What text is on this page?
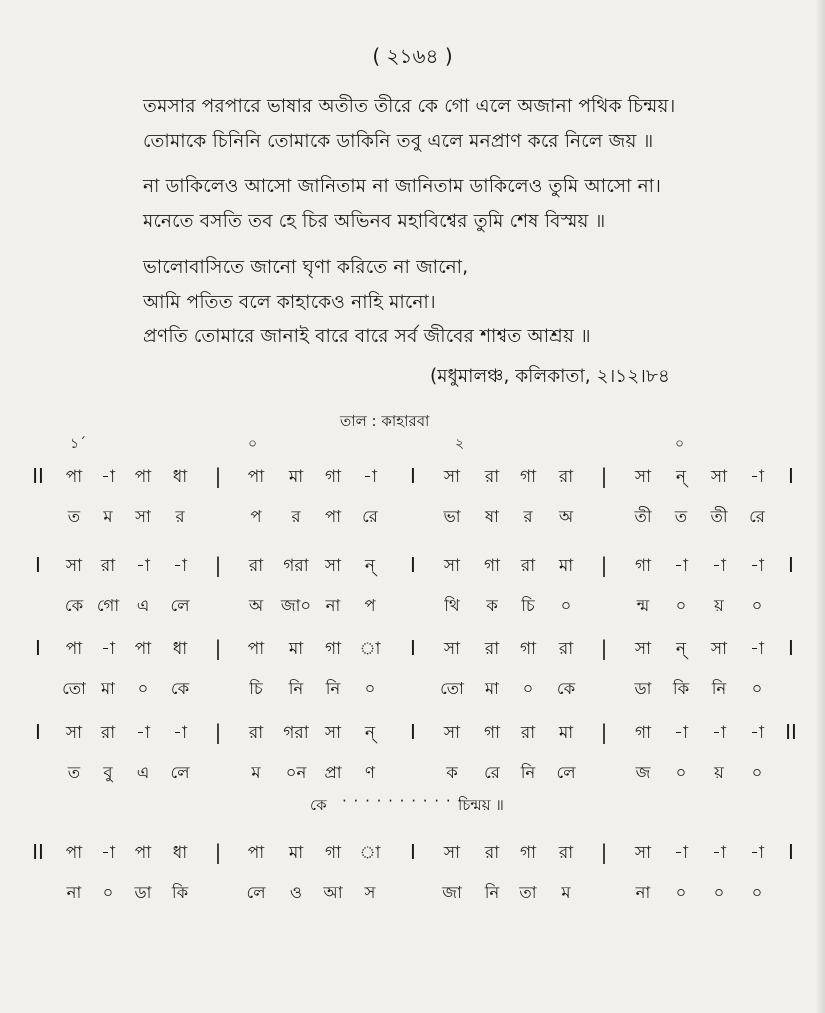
( ২১৬৪ )
তমসার পরপারে ভাষার অতীত তীরে কে গো এলে অজানা পথিক চিন্ময়।
তোমাকে চিনিনি তোমাকে ডাকিনি তবু এলে মনপ্রাণ করে নিলে জয় ॥
না ডাকিলেও আসো জানিতাম না জানিতাম ডাকিলেও তুমি আসো না।
মনেতে বসতি তব হে চির অভিনব মহাবিশ্বের তুমি শেষ বিস্ময় ॥
ভালোবাসিতে জানো ঘৃণা করিতে না জানো,
আমি পতিত বলে কাহাকেও নাহি মানো।
প্রণতি তোমারে জানাই বারে বারে সর্ব জীবের শাশ্বত আশ্রয় ॥
(মধুমালঞ্চ, কলিকাতা, ২।১২।৮৪
তাল : কাহারবা
১´	০	২	০
II পা -া পা ধা | পা মা গা -া I সা রা গা রা | সা ন্ সা -া I
ত ম সা র	প র পা রে	ভা ষা র অ	তী ত তী রে
I সা রা -া -া | রা গরা সা ন্ I সা গা রা মা | গা -া -া -া I
কে গো এ লে	অ জা০ না প	থি ক চি ০	ন্ম ০ য় ০
I পা -া পা ধা | পা মা গা া I সা রা গা রা | সা ন্ সা -া I
তো মা ০ কে	চি নি নি ০	তো মা ০ কে	ডা কি নি ০
I সা রা -া -া | রা গরা সা ন্ I সা গা রা মা | গা -া -া -া II
ত বু এ লে	ম ০ন প্রা ণ	ক রে নি লে	জ ০ য় ০
II পা -া পা ধা | পা মা গা া I সা রা গা রা | সা -া -া -া I
না ০ ডা কি	লে ও আ স	জা নি তা ম	না ০ ০ ০
কে · · · · · · · · · · ·
চিন্ময় ॥
